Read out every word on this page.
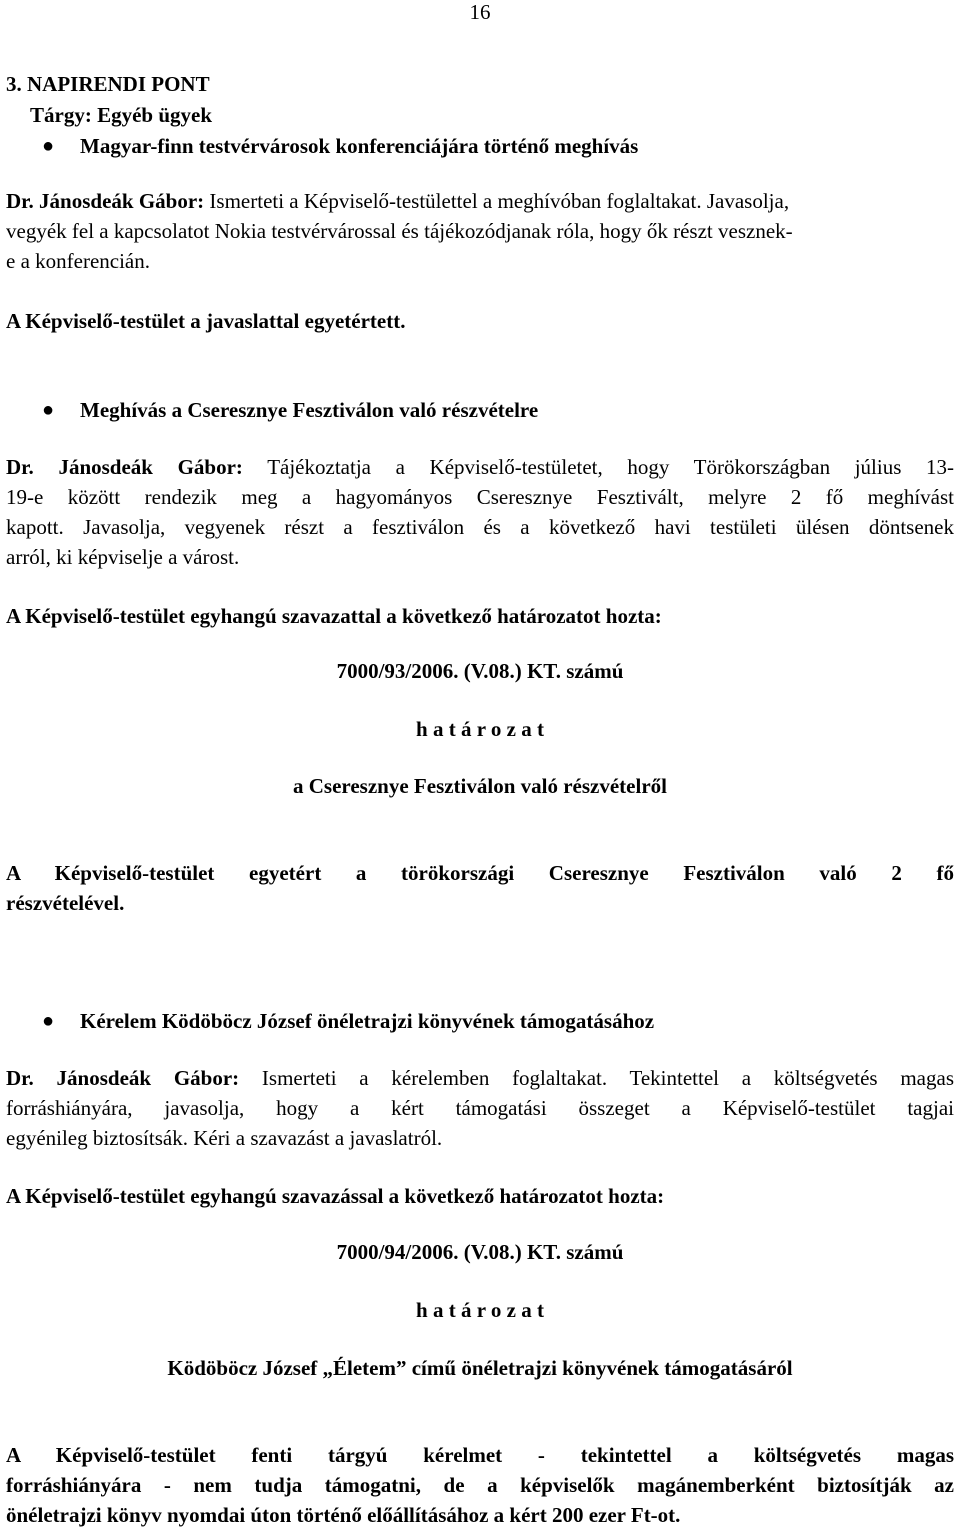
16
3. NAPIRENDI PONT
Tárgy: Egyéb ügyek
●	Magyar-finn testvérvárosok konferenciájára történő meghívás
Dr. Jánosdeák Gábor: Ismerteti a Képviselő-testülettel a meghívóban foglaltakat. Javasolja,
vegyék fel a kapcsolatot Nokia testvérvárossal és tájékozódjanak róla, hogy ők részt vesznek-
e a konferencián.
A Képviselő-testület a javaslattal egyetértett.
●	Meghívás a Cseresznye Fesztiválon való részvételre
Dr. Jánosdeák Gábor: Tájékoztatja a Képviselő-testületet, hogy Törökországban július 13-
19-e között rendezik meg a hagyományos Cseresznye Fesztivált, melyre 2 fő meghívást
kapott. Javasolja, vegyenek részt a fesztiválon és a következő havi testületi ülésen döntsenek
arról, ki képviselje a várost.
A Képviselő-testület egyhangú szavazattal a következő határozatot hozta:
7000/93/2006. (V.08.) KT. számú
h a t á r o z a t
a Cseresznye Fesztiválon való részvételről
A Képviselő-testület egyetért a törökországi Cseresznye Fesztiválon való 2 fő
részvételével.
●	Kérelem Ködöböcz József önéletrajzi könyvének támogatásához
Dr. Jánosdeák Gábor: Ismerteti a kérelemben foglaltakat. Tekintettel a költségvetés magas
forráshiányára, javasolja, hogy a kért támogatási összeget a Képviselő-testület tagjai
egyénileg biztosítsák. Kéri a szavazást a javaslatról.
A Képviselő-testület egyhangú szavazással a következő határozatot hozta:
7000/94/2006. (V.08.) KT. számú
h a t á r o z a t
Ködöböcz József „Életem” című önéletrajzi könyvének támogatásáról
A Képviselő-testület fenti tárgyú kérelmet - tekintettel a költségvetés magas
forráshiányára - nem tudja támogatni, de a képviselők magánemberként biztosítják az
önéletrajzi könyv nyomdai úton történő előállításához a kért 200 ezer Ft-ot.
